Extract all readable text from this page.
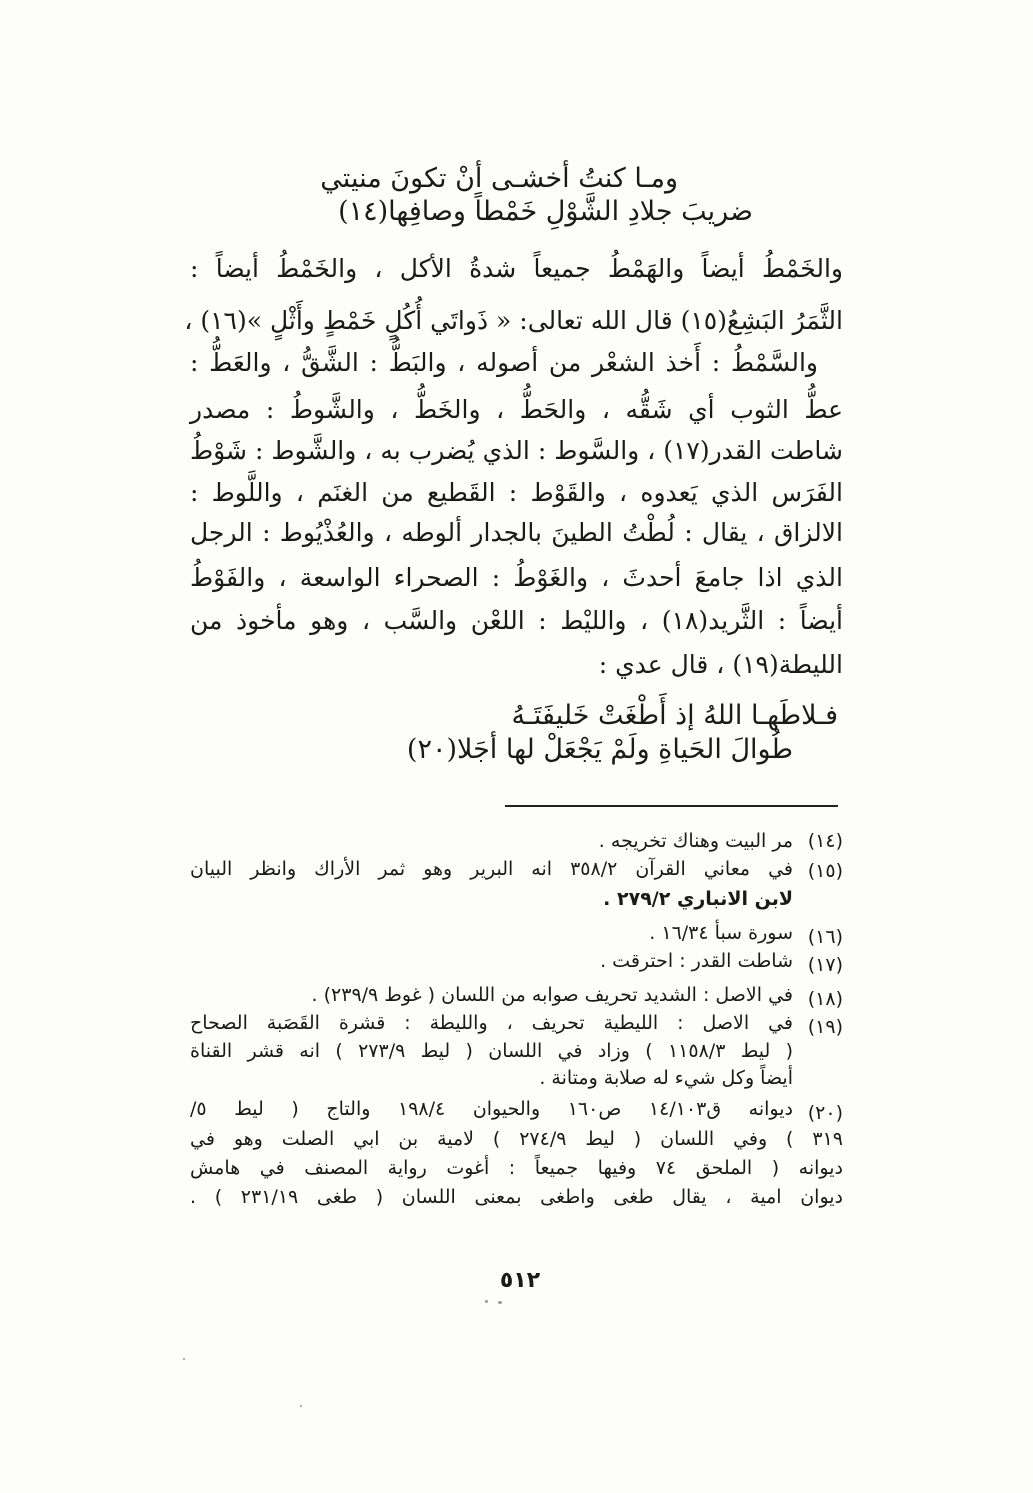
ومـا كنتُ أخشـى أنْ تكونَ منيتي
ضريبَ جلادِ الشَّوْلِ خَمْطاً وصافِها(١٤)
والخَمْطُ أيضاً والهَمْطُ جميعاً شدةُ الأكل ، والخَمْطُ أيضاً :
الثَّمَرُ البَشِعُ(١٥) قال الله تعالى: « ذَواتَي أُكُلٍ خَمْطٍ وأَثْلٍ »(١٦) ،
والسَّمْطُ : أَخذ الشعْر من أصوله ، والبَطُّ : الشَّقُّ ، والعَطُّ :
عطُّ الثوب أي شَقُّه ، والحَطُّ ، والخَطُّ ، والشَّوطُ : مصدر
شاطت القدر(١٧) ، والسَّوط : الذي يُضرب به ، والشَّوط : شَوْطُ
الفَرَس الذي يَعدوه ، والقَوْط : القَطيع من الغنَم ، واللَّوط :
الالزاق ، يقال : لُطْتُ الطينَ بالجدار ألوطه ، والعُذْيُوط : الرجل
الذي اذا جامعَ أحدثَ ، والغَوْطُ : الصحراء الواسعة ، والفَوْطُ
أيضاً : الثَّريد(١٨) ، والليْط : اللعْن والسَّب ، وهو مأخوذ من
الليطة(١٩) ، قال عدي :
فـلاطَهـا اللهُ إذ أَطْغَتْ خَليفَتَـهُ
طُوالَ الحَياةِ ولَمْ يَجْعَلْ لها أجَلا(٢٠)
(١٤)
مر البيت وهناك تخريجه .
(١٥)
في معاني القرآن ٣٥٨/٢ انه البرير وهو ثمر الأراك وانظر البيان
لابن الانباري ٢٧٩/٢ .
(١٦)
سورة سبأ ١٦/٣٤ .
(١٧)
شاطت القدر : احترقت .
(١٨)
في الاصل : الشديد تحريف صوابه من اللسان ( غوط ٢٣٩/٩) .
(١٩)
في الاصل : الليطية تحريف ، والليطة : قشرة القَصَبة الصحاح
( ليط ١١٥٨/٣ ) وزاد في اللسان ( ليط ٢٧٣/٩ ) انه قشر القناة
أيضاً وكل شيء له صلابة ومتانة .
(٢٠)
ديوانه ق١٤/١٠٣ ص١٦٠ والحيوان ١٩٨/٤ والتاج ( ليط ٥/
٣١٩ ) وفي اللسان ( ليط ٢٧٤/٩ ) لامية بن ابي الصلت وهو في
ديوانه ( الملحق ٧٤ وفيها جميعاً : أغوت رواية المصنف في هامش
ديوان امية ، يقال طغى واطغى بمعنى اللسان ( طغى ٢٣١/١٩ ) .
٥١٢
